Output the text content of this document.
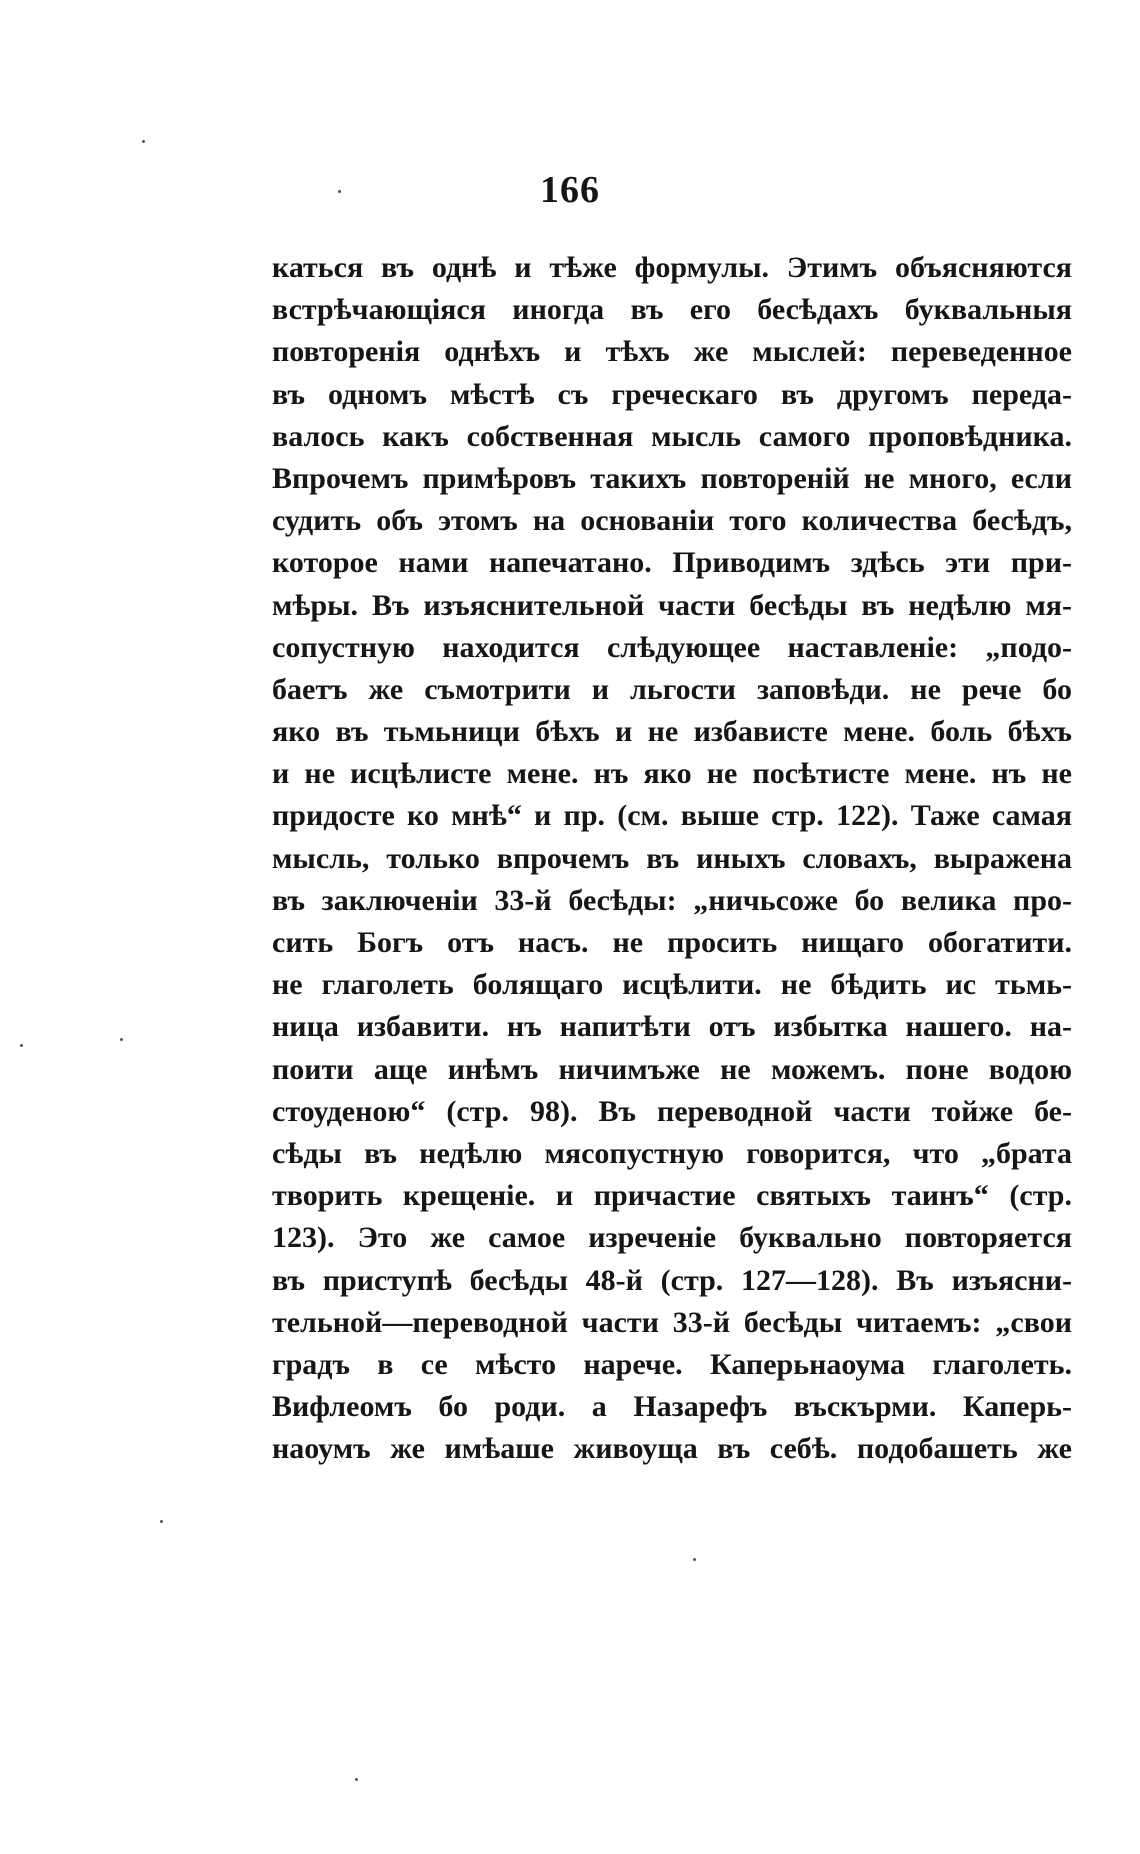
166
каться въ однѣ и тѣже формулы. Этимъ объясняются
встрѣчающіяся иногда въ его бесѣдахъ буквальныя
повторенія однѣхъ и тѣхъ же мыслей: переведенное
въ одномъ мѣстѣ съ греческаго въ другомъ переда-
валось какъ собственная мысль самого проповѣдника.
Впрочемъ примѣровъ такихъ повтореній не много, если
судить объ этомъ на основаніи того количества бесѣдъ,
которое нами напечатано. Приводимъ здѣсь эти при-
мѣры. Въ изъяснительной части бесѣды въ недѣлю мя-
сопустную находится слѣдующее наставленіе: „подо-
баетъ же съмотрити и льгости заповѣди. не рече бо
яко въ тьмьници бѣхъ и не избависте мене. боль бѣхъ
и не исцѣлисте мене. нъ яко не посѣтисте мене. нъ не
придосте ко мнѣ“ и пр. (см. выше стр. 122). Таже самая
мысль, только впрочемъ въ иныхъ словахъ, выражена
въ заключеніи 33-й бесѣды: „ничьсоже бо велика про-
сить Богъ отъ насъ. не просить нищаго обогатити.
не глаголеть болящаго исцѣлити. не бѣдить ис тьмь-
ница избавити. нъ напитѣти отъ избытка нашего. на-
поити аще инѣмъ ничимъже не можемъ. поне водою
стоуденою“ (стр. 98). Въ переводной части тойже бе-
сѣды въ недѣлю мясопустную говорится, что „брата
творить крещеніе. и причастие святыхъ таинъ“ (стр.
123). Это же самое изреченіе буквально повторяется
въ приступѣ бесѣды 48-й (стр. 127—128). Въ изъясни-
тельной—переводной части 33-й бесѣды читаемъ: „свои
градъ в се мѣсто нарече. Каперьнаоума глаголеть.
Вифлеомъ бо роди. а Назарефъ въскърми. Каперь-
наоумъ же имѣаше живоуща въ себѣ. подобашеть же
